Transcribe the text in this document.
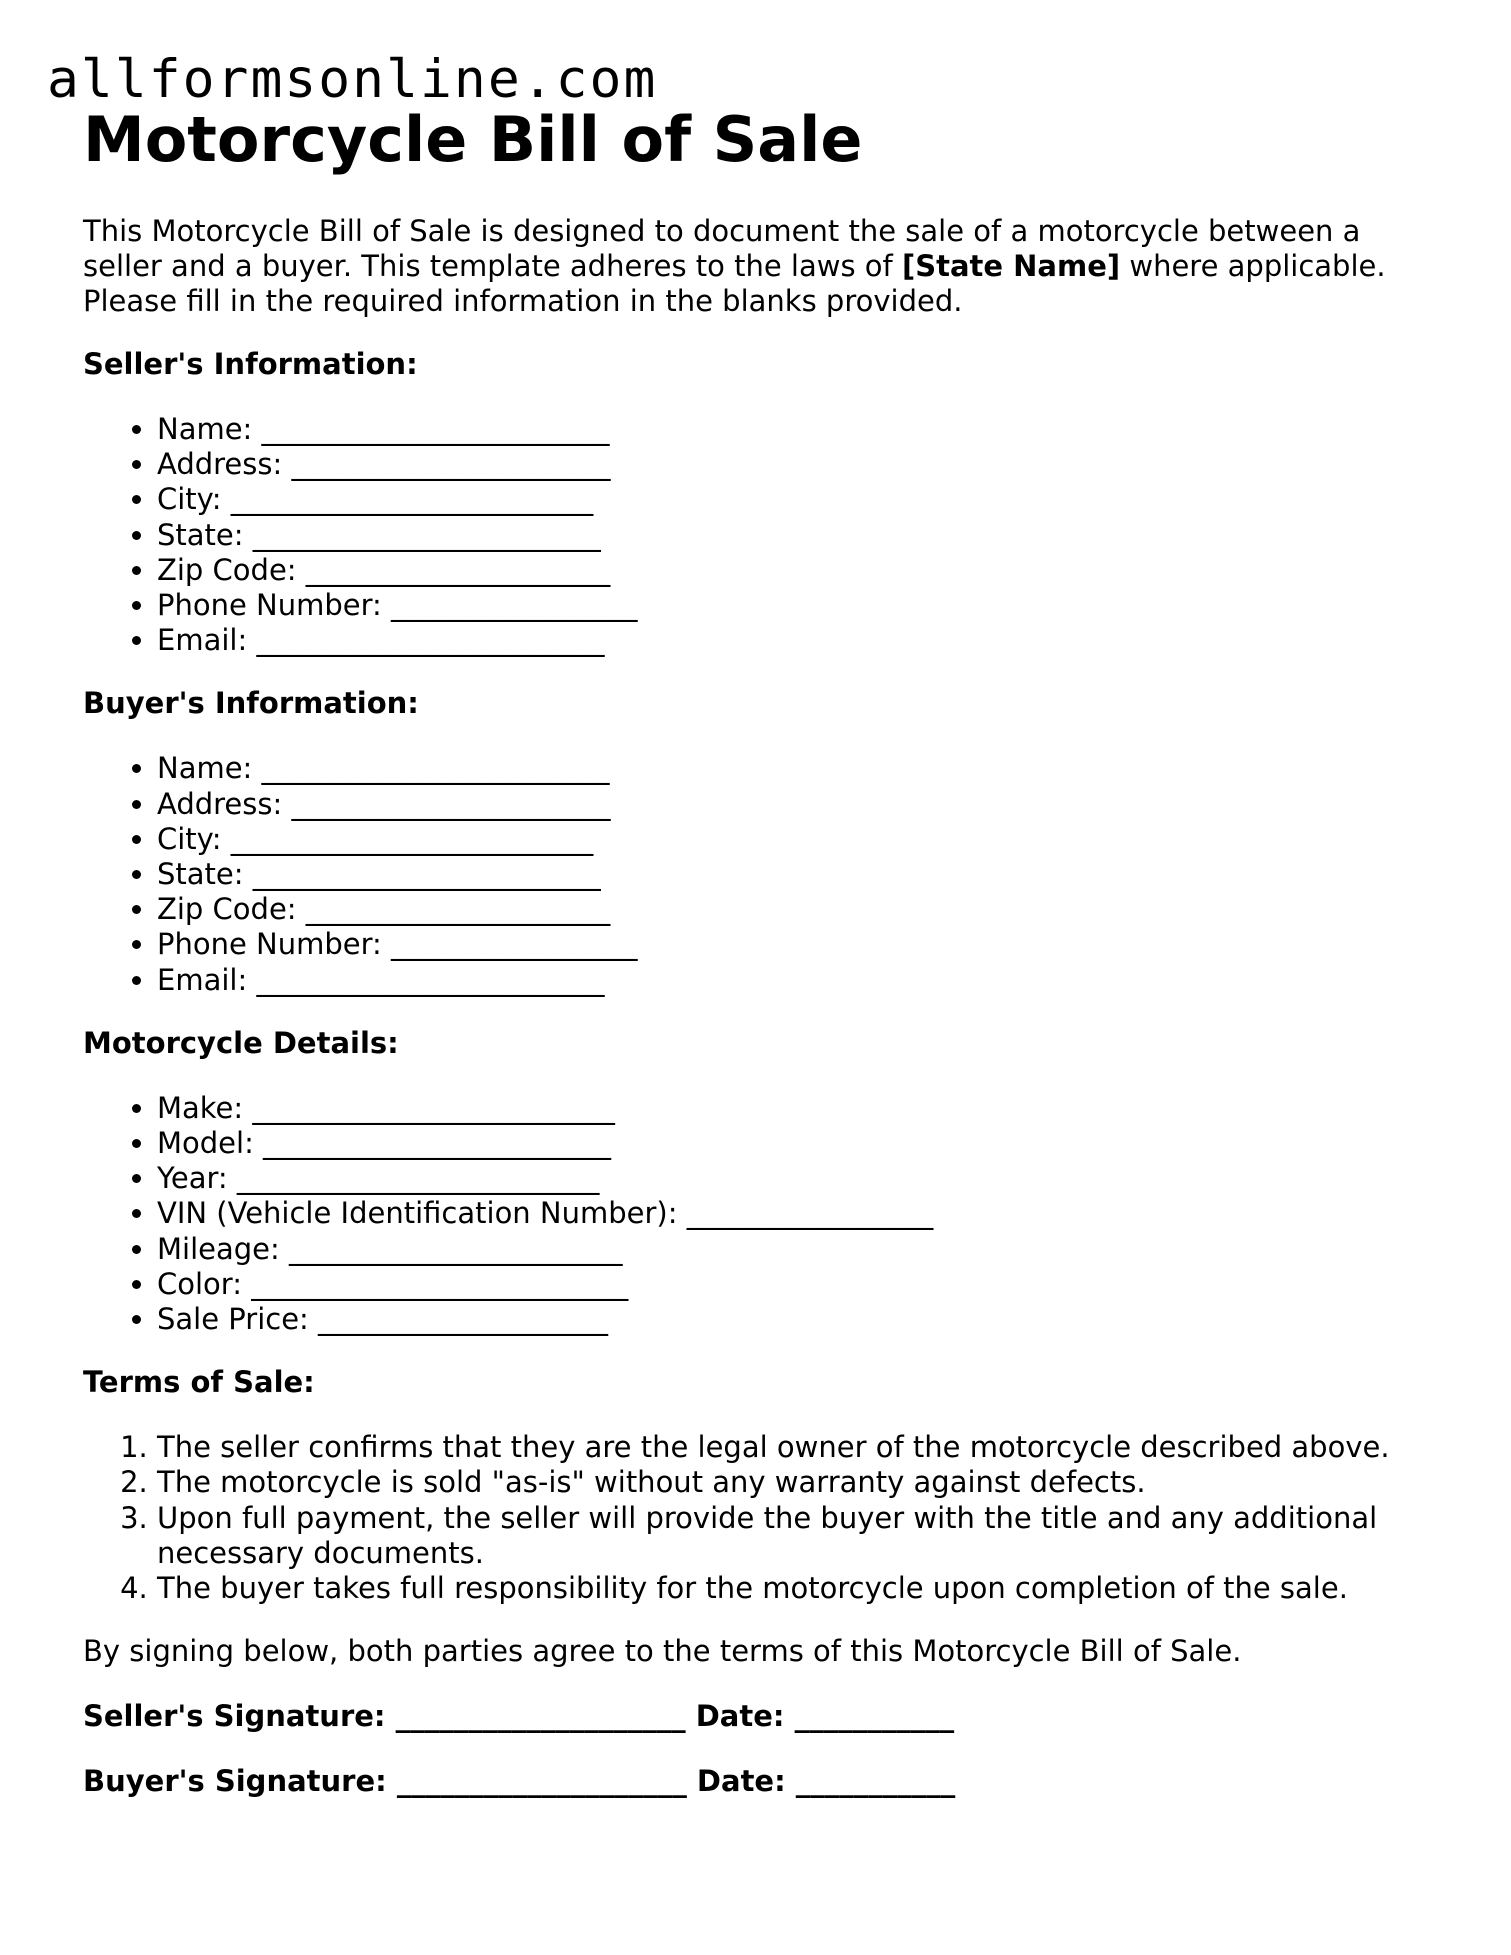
allformsonline.com
Motorcycle Bill of Sale

This Motorcycle Bill of Sale is designed to document the sale of a motorcycle between a seller and a buyer. This template adheres to the laws of [State Name] where applicable. Please fill in the required information in the blanks provided.

Seller's Information:

• Name: ________________________
• Address: ______________________
• City: _________________________
• State: ________________________
• Zip Code: _____________________
• Phone Number: _________________
• Email: ________________________

Buyer's Information:

• Name: ________________________
• Address: ______________________
• City: _________________________
• State: ________________________
• Zip Code: _____________________
• Phone Number: _________________
• Email: ________________________

Motorcycle Details:

• Make: _________________________
• Model: ________________________
• Year: _________________________
• VIN (Vehicle Identification Number): _________________
• Mileage: _______________________
• Color: __________________________
• Sale Price: ____________________

Terms of Sale:

1. The seller confirms that they are the legal owner of the motorcycle described above.
2. The motorcycle is sold "as-is" without any warranty against defects.
3. Upon full payment, the seller will provide the buyer with the title and any additional necessary documents.
4. The buyer takes full responsibility for the motorcycle upon completion of the sale.

By signing below, both parties agree to the terms of this Motorcycle Bill of Sale.

Seller's Signature: ____________________ Date: ___________

Buyer's Signature: ____________________ Date: ___________
